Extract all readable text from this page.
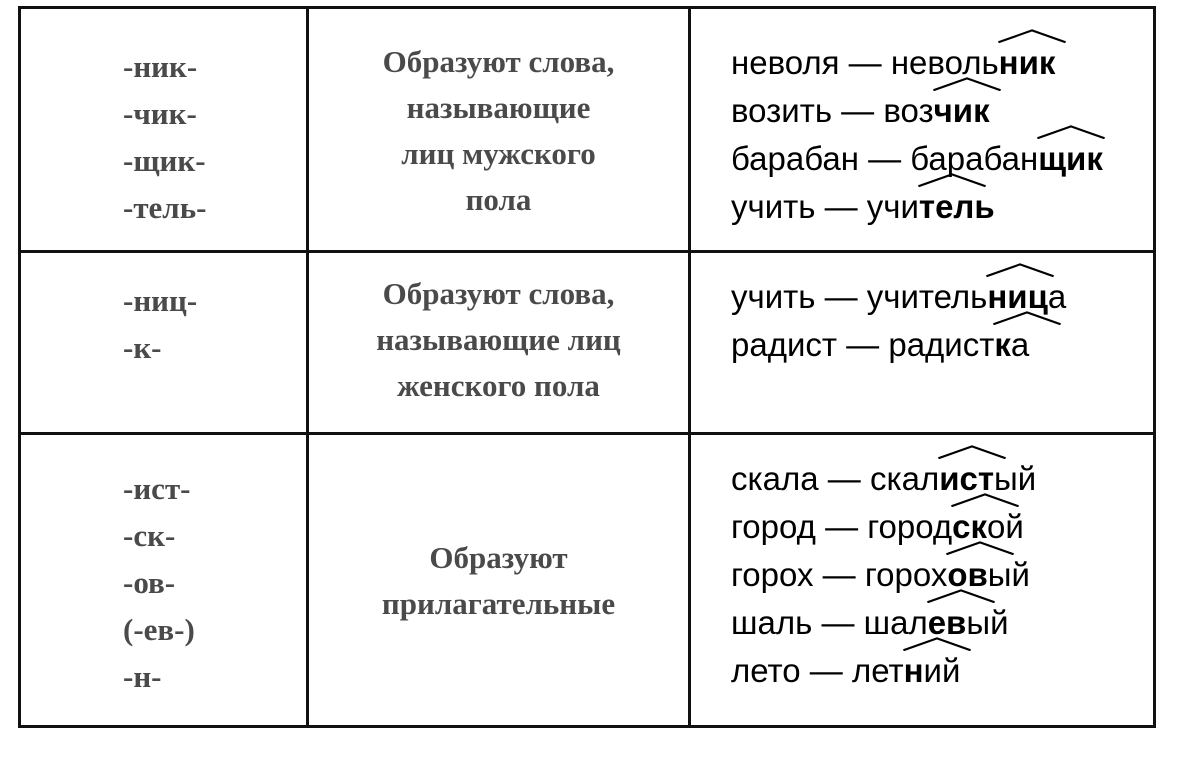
-ник-
-чик-
-щик-
-тель-
Образуют слова,
называющие
лиц мужского
пола
неволя — неволь
ник
возить — воз
чик
барабан — барабан
щик
учить — учи
тель
-ниц-
-к-
Образуют слова,
называющие лиц
женского пола
учить — учитель
ница
радист — радист
ка
-ист-
-ск-
-ов-
(-ев-)
-н-
Образуют
прилагательные
скала — скал
истый
город — город
ской
горох — горох
овый
шаль — шал
евый
лето — лет
ний
